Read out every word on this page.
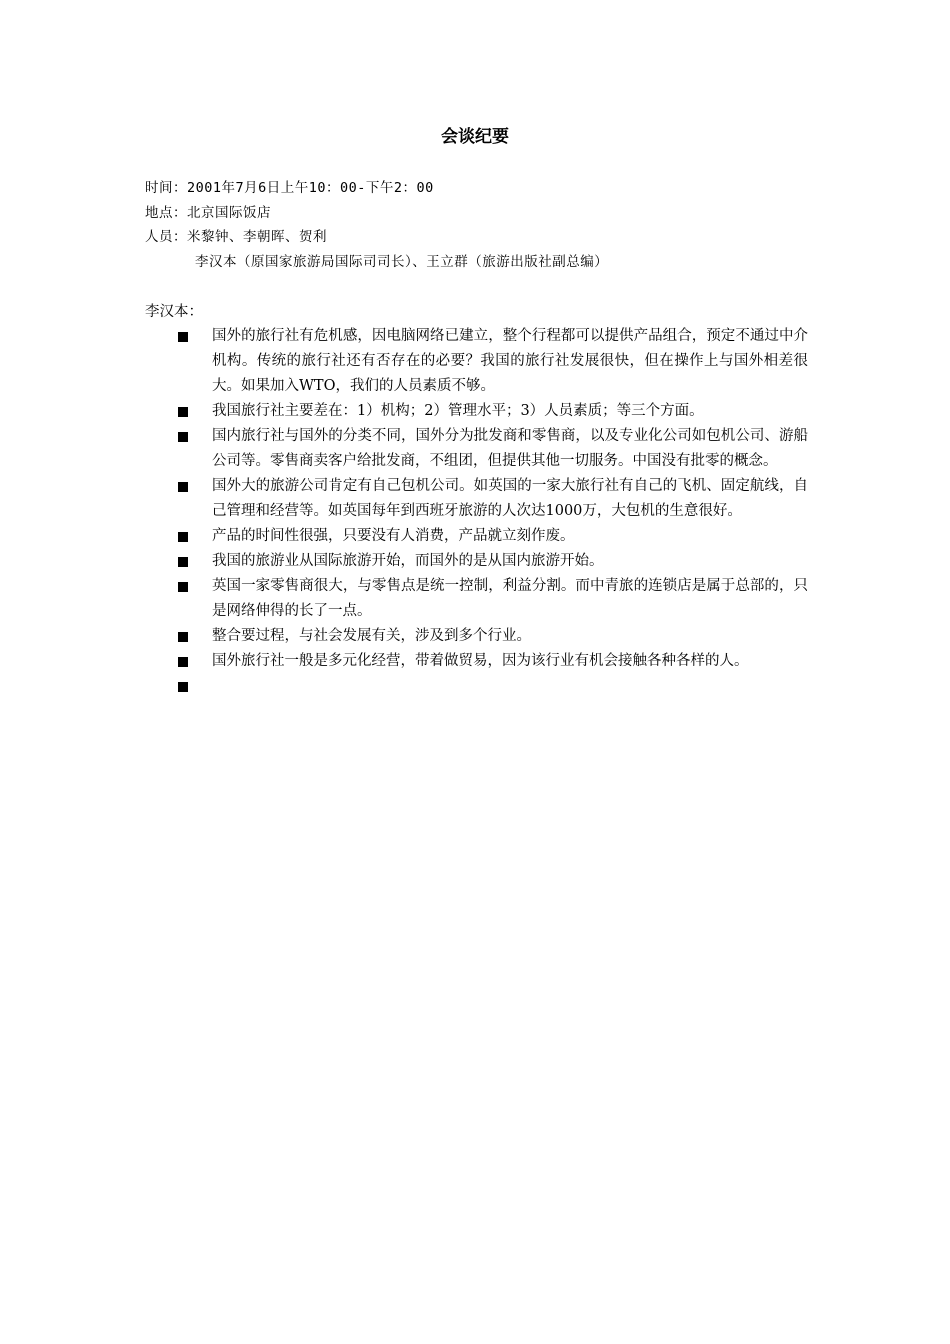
会谈纪要
时间：2001年7月6日上午10：00-下午2：00
地点：北京国际饭店
人员：米黎钟、李朝晖、贺利
李汉本（原国家旅游局国际司司长）、王立群（旅游出版社副总编）
李汉本：
国外的旅行社有危机感，因电脑网络已建立，整个行程都可以提供产品组合，预定不通过中介机构。传统的旅行社还有否存在的必要？我国的旅行社发展很快，但在操作上与国外相差很大。如果加入WTO，我们的人员素质不够。
我国旅行社主要差在：1）机构；2）管理水平；3）人员素质；等三个方面。
国内旅行社与国外的分类不同，国外分为批发商和零售商，以及专业化公司如包机公司、游船公司等。零售商卖客户给批发商，不组团，但提供其他一切服务。中国没有批零的概念。
国外大的旅游公司肯定有自己包机公司。如英国的一家大旅行社有自己的飞机、固定航线，自己管理和经营等。如英国每年到西班牙旅游的人次达1000万，大包机的生意很好。
产品的时间性很强，只要没有人消费，产品就立刻作废。
我国的旅游业从国际旅游开始，而国外的是从国内旅游开始。
英国一家零售商很大，与零售点是统一控制，利益分割。而中青旅的连锁店是属于总部的，只是网络伸得的长了一点。
整合要过程，与社会发展有关，涉及到多个行业。
国外旅行社一般是多元化经营，带着做贸易，因为该行业有机会接触各种各样的人。
